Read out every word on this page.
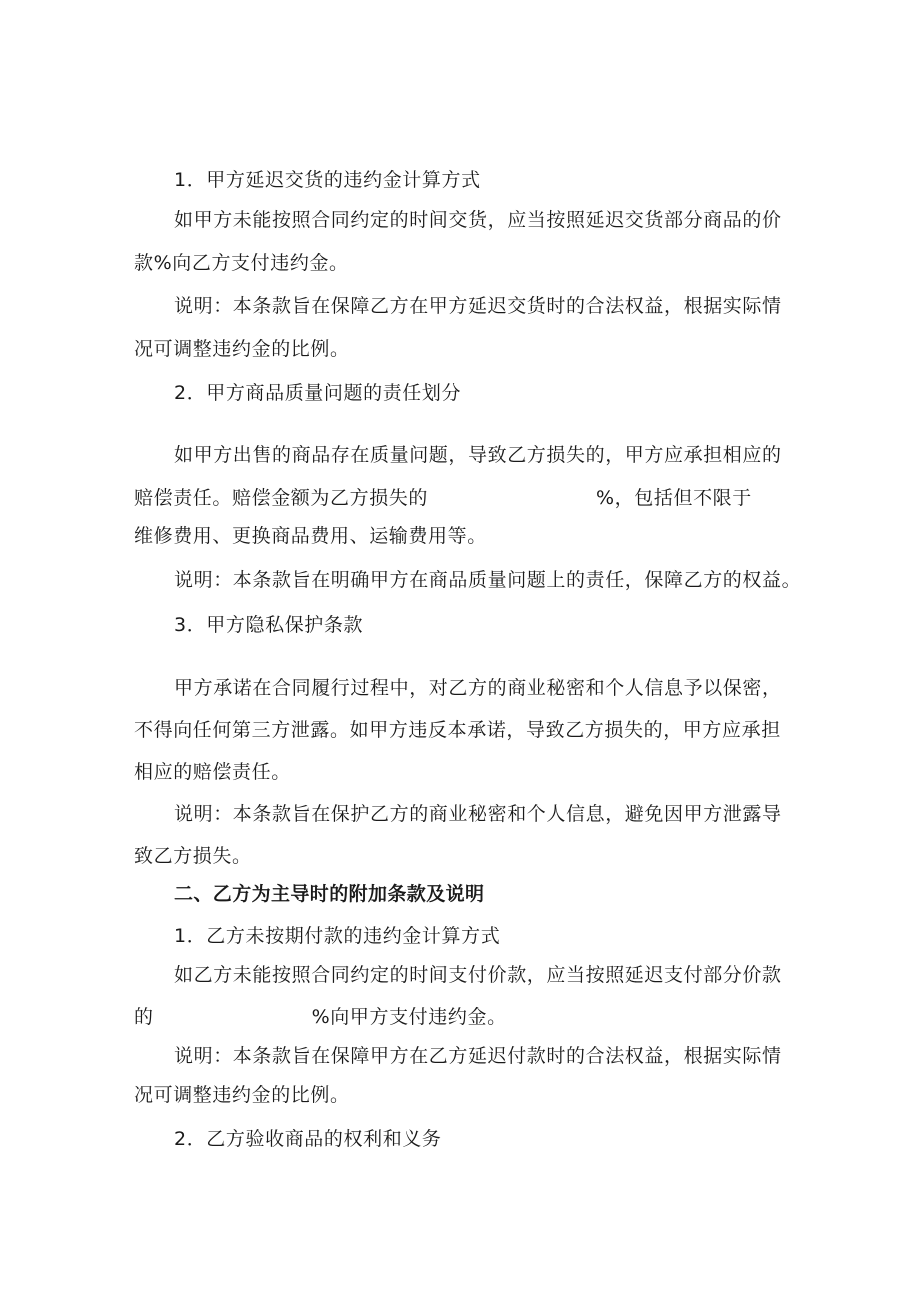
1．甲方延迟交货的违约金计算方式
如甲方未能按照合同约定的时间交货，应当按照延迟交货部分商品的价
款%向乙方支付违约金。
说明：本条款旨在保障乙方在甲方延迟交货时的合法权益，根据实际情
况可调整违约金的比例。
2．甲方商品质量问题的责任划分
如甲方出售的商品存在质量问题，导致乙方损失的，甲方应承担相应的
赔偿责任。赔偿金额为乙方损失的	%，包括但不限于
维修费用、更换商品费用、运输费用等。
说明：本条款旨在明确甲方在商品质量问题上的责任，保障乙方的权益。
3．甲方隐私保护条款
甲方承诺在合同履行过程中，对乙方的商业秘密和个人信息予以保密，
不得向任何第三方泄露。如甲方违反本承诺，导致乙方损失的，甲方应承担
相应的赔偿责任。
说明：本条款旨在保护乙方的商业秘密和个人信息，避免因甲方泄露导
致乙方损失。
二、乙方为主导时的附加条款及说明
1．乙方未按期付款的违约金计算方式
如乙方未能按照合同约定的时间支付价款，应当按照延迟支付部分价款
的	%向甲方支付违约金。
说明：本条款旨在保障甲方在乙方延迟付款时的合法权益，根据实际情
况可调整违约金的比例。
2．乙方验收商品的权利和义务
